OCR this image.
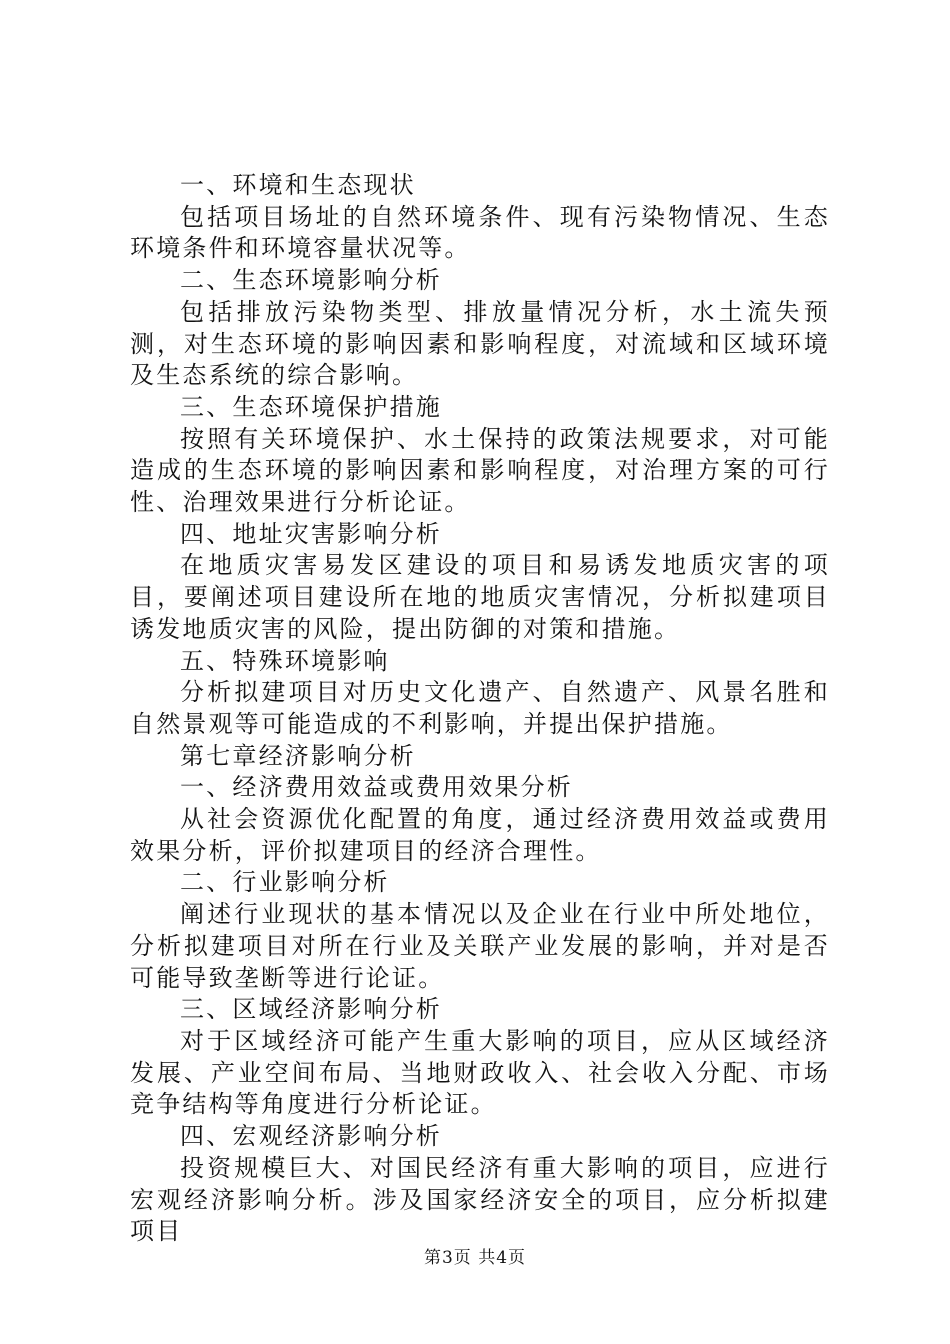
一、环境和生态现状

包括项目场址的自然环境条件、现有污染物情况、生态环境条件和环境容量状况等。

二、生态环境影响分析

包括排放污染物类型、排放量情况分析，水土流失预测，对生态环境的影响因素和影响程度，对流域和区域环境及生态系统的综合影响。

三、生态环境保护措施

按照有关环境保护、水土保持的政策法规要求，对可能造成的生态环境的影响因素和影响程度，对治理方案的可行性、治理效果进行分析论证。

四、地址灾害影响分析

在地质灾害易发区建设的项目和易诱发地质灾害的项目，要阐述项目建设所在地的地质灾害情况，分析拟建项目诱发地质灾害的风险，提出防御的对策和措施。

五、特殊环境影响

分析拟建项目对历史文化遗产、自然遗产、风景名胜和自然景观等可能造成的不利影响，并提出保护措施。

第七章经济影响分析

一、经济费用效益或费用效果分析

从社会资源优化配置的角度，通过经济费用效益或费用效果分析，评价拟建项目的经济合理性。

二、行业影响分析

阐述行业现状的基本情况以及企业在行业中所处地位，分析拟建项目对所在行业及关联产业发展的影响，并对是否可能导致垄断等进行论证。

三、区域经济影响分析

对于区域经济可能产生重大影响的项目，应从区域经济发展、产业空间布局、当地财政收入、社会收入分配、市场竞争结构等角度进行分析论证。

四、宏观经济影响分析

投资规模巨大、对国民经济有重大影响的项目，应进行宏观经济影响分析。涉及国家经济安全的项目，应分析拟建项目

第3页 共4页
